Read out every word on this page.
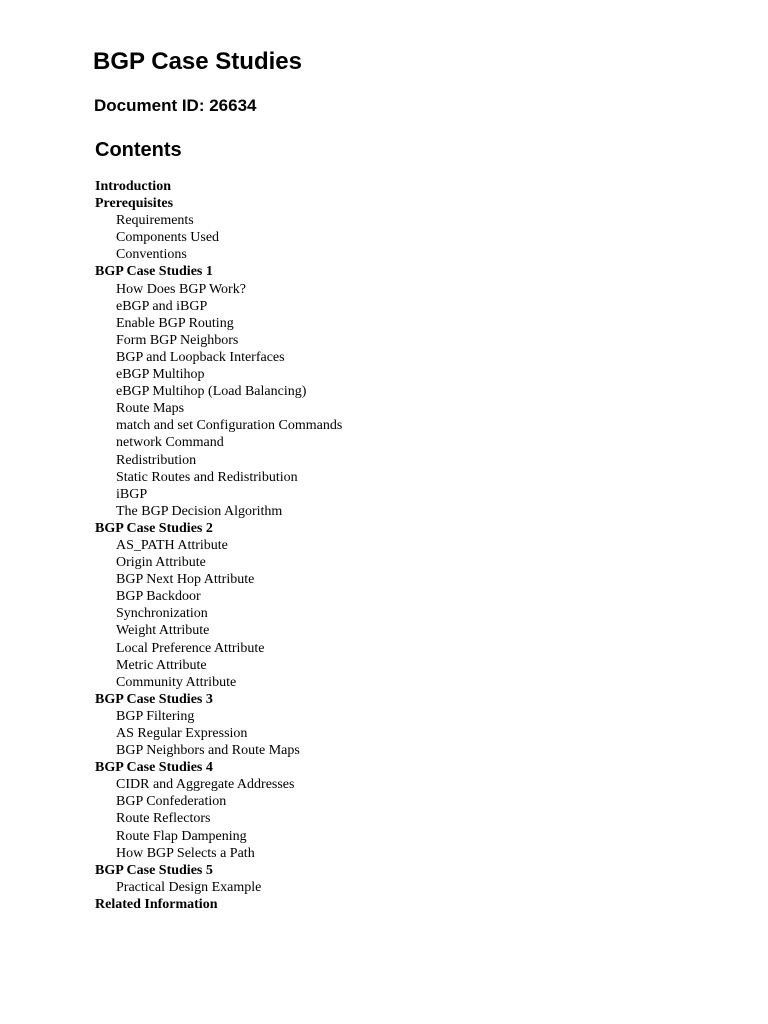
BGP Case Studies
Document ID: 26634
Contents
Introduction
Prerequisites
Requirements
Components Used
Conventions
BGP Case Studies 1
How Does BGP Work?
eBGP and iBGP
Enable BGP Routing
Form BGP Neighbors
BGP and Loopback Interfaces
eBGP Multihop
eBGP Multihop (Load Balancing)
Route Maps
match and set Configuration Commands
network Command
Redistribution
Static Routes and Redistribution
iBGP
The BGP Decision Algorithm
BGP Case Studies 2
AS_PATH Attribute
Origin Attribute
BGP Next Hop Attribute
BGP Backdoor
Synchronization
Weight Attribute
Local Preference Attribute
Metric Attribute
Community Attribute
BGP Case Studies 3
BGP Filtering
AS Regular Expression
BGP Neighbors and Route Maps
BGP Case Studies 4
CIDR and Aggregate Addresses
BGP Confederation
Route Reflectors
Route Flap Dampening
How BGP Selects a Path
BGP Case Studies 5
Practical Design Example
Related Information
